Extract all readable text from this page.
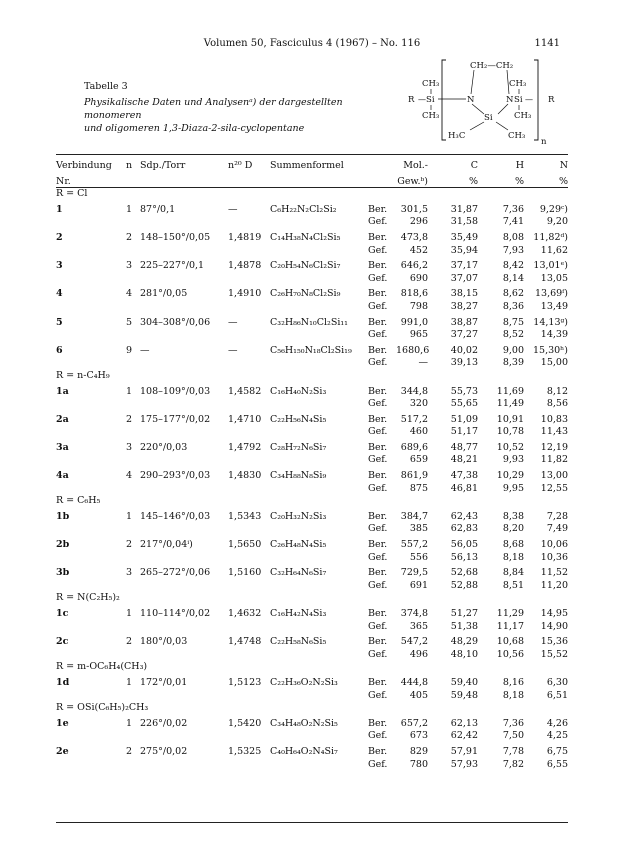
Volumen 50, Fasciculus 4 (1967) – No. 116	1141
Tabelle 3
Physikalische Daten und Analysenᵃ) der dargestellten monomeren
und oligomeren 1,3-Diaza-2-sila-cyclopentane
CH₂—CH₂
CH₃	CH₃
R — Si	N
Si
N Si — R
CH₃	CH₃
H₃C	CH₃
n
Verbindung	n	Sdp./Torr	n²⁰ D	Summenformel		Mol.-	C	H	N
Nr.						Gew.ᵇ)	%	%	%
R = Cl									
1	1	87°/0,1	—	C₆H₂₂N₂Cl₂Si₂	Ber.	301,5	31,87	7,36	9,29ᶜ)
					Gef.	296	31,58	7,41	9,20
2	2	148–150°/0,05	1,4819	C₁₄H₃₈N₄Cl₂Si₅	Ber.	473,8	35,49	8,08	11,82ᵈ)
					Gef.	452	35,94	7,93	11,62
3	3	225–227°/0,1	1,4878	C₂₀H₅₄N₆Cl₂Si₇	Ber.	646,2	37,17	8,42	13,01ᵉ)
					Gef.	690	37,07	8,14	13,05
4	4	281°/0,05	1,4910	C₂₆H₇₀N₈Cl₂Si₉	Ber.	818,6	38,15	8,62	13,69ᶠ)
					Gef.	798	38,27	8,36	13,49
5	5	304–308°/0,06	—	C₃₂H₈₆N₁₀Cl₂Si₁₁	Ber.	991,0	38,87	8,75	14,13ᵍ)
					Gef.	965	37,27	8,52	14,39
6	9	—	—	C₅₆H₁₅₀N₁₈Cl₂Si₁₉	Ber.	1680,6	40,02	9,00	15,30ʰ)
					Gef.	—	39,13	8,39	15,00
R = n-C₄H₉									
1a	1	108–109°/0,03	1,4582	C₁₆H₄₀N₂Si₃	Ber.	344,8	55,73	11,69	8,12
					Gef.	320	55,65	11,49	8,56
2a	2	175–177°/0,02	1,4710	C₂₂H₅₆N₄Si₅	Ber.	517,2	51,09	10,91	10,83
					Gef.	460	51,17	10,78	11,43
3a	3	220°/0,03	1,4792	C₂₈H₇₂N₆Si₇	Ber.	689,6	48,77	10,52	12,19
					Gef.	659	48,21	9,93	11,82
4a	4	290–293°/0,03	1,4830	C₃₄H₈₈N₈Si₉	Ber.	861,9	47,38	10,29	13,00
					Gef.	875	46,81	9,95	12,55
R = C₆H₅									
1b	1	145–146°/0,03	1,5343	C₂₀H₃₂N₂Si₃	Ber.	384,7	62,43	8,38	7,28
					Gef.	385	62,83	8,20	7,49
2b	2	217°/0,04ⁱ)	1,5650	C₂₆H₄₈N₄Si₅	Ber.	557,2	56,05	8,68	10,06
					Gef.	556	56,13	8,18	10,36
3b	3	265–272°/0,06	1,5160	C₃₂H₆₄N₆Si₇	Ber.	729,5	52,68	8,84	11,52
					Gef.	691	52,88	8,51	11,20
R = N(C₂H₅)₂									
1c	1	110–114°/0,02	1,4632	C₁₆H₄₂N₄Si₃	Ber.	374,8	51,27	11,29	14,95
					Gef.	365	51,38	11,17	14,90
2c	2	180°/0,03	1,4748	C₂₂H₅₈N₆Si₅	Ber.	547,2	48,29	10,68	15,36
					Gef.	496	48,10	10,56	15,52
R = m-OC₆H₄(CH₃)									
1d	1	172°/0,01	1,5123	C₂₂H₃₆O₂N₂Si₃	Ber.	444,8	59,40	8,16	6,30
					Gef.	405	59,48	8,18	6,51
R = OSi(C₆H₅)₂CH₃									
1e	1	226°/0,02	1,5420	C₃₄H₄₈O₂N₂Si₅	Ber.	657,2	62,13	7,36	4,26
					Gef.	673	62,42	7,50	4,25
2e	2	275°/0,02	1,5325	C₄₀H₆₄O₂N₄Si₇	Ber.	829	57,91	7,78	6,75
					Gef.	780	57,93	7,82	6,55
